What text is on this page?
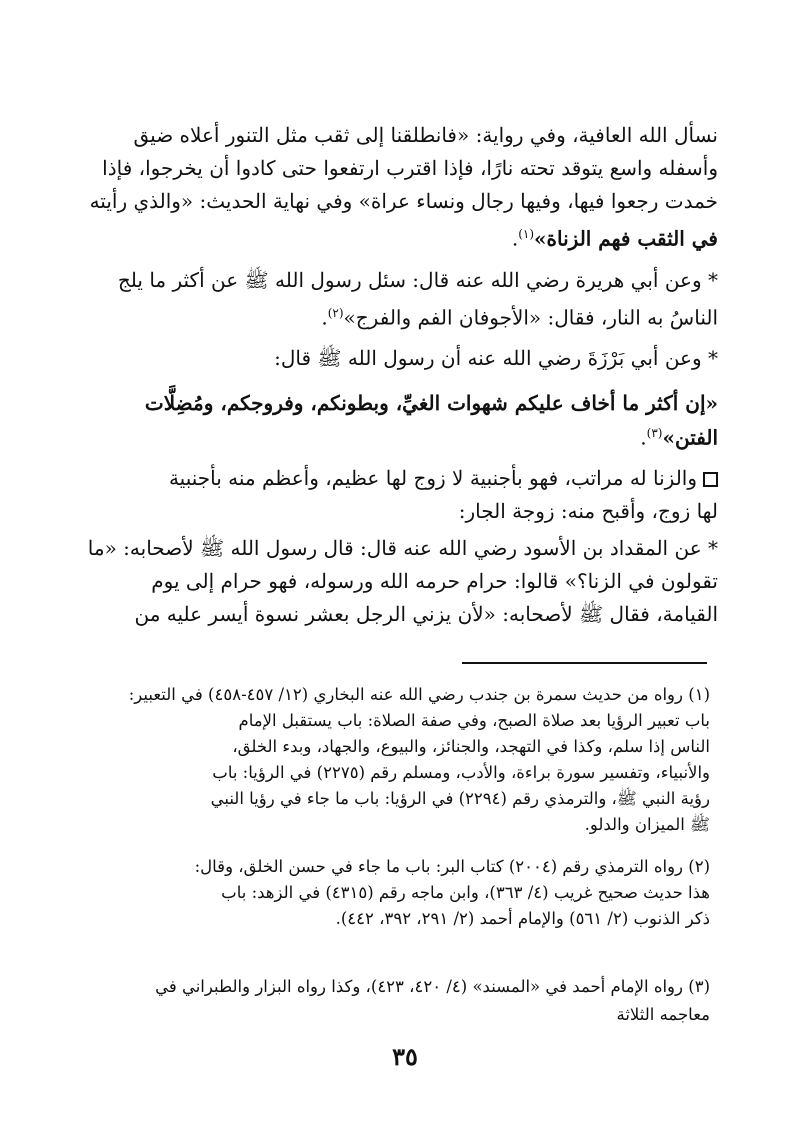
نسأل الله العافية، وفي رواية: «فانطلقنا إلى ثقب مثل التنور أعلاه ضيق
وأسفله واسع يتوقد تحته نارًا، فإذا اقترب ارتفعوا حتى كادوا أن يخرجوا، فإذا
خمدت رجعوا فيها، وفيها رجال ونساء عراة» وفي نهاية الحديث: «والذي رأيته
في الثقب فهم الزناة»$^{(١)}$.
* وعن أبي هريرة رضي الله عنه قال: سئل رسول الله ﷺ عن أكثر ما يلج
الناسُ به النار، فقال: «الأجوفان الفم والفرج»$^{(٢)}$.
* وعن أبي بَرْزَةَ رضي الله عنه أن رسول الله ﷺ قال:
«إن أكثر ما أخاف عليكم شهوات الغيِّ، وبطونكم، وفروجكم، ومُضِلَّات
الفتن»$^{(٣)}$.
والزنا له مراتب، فهو بأجنبية لا زوج لها عظيم، وأعظم منه بأجنبية
لها زوج، وأقبح منه: زوجة الجار:
* عن المقداد بن الأسود رضي الله عنه قال: قال رسول الله ﷺ لأصحابه: «ما
تقولون في الزنا؟» قالوا: حرام حرمه الله ورسوله، فهو حرام إلى يوم
القيامة، فقال ﷺ لأصحابه: «لأن يزني الرجل بعشر نسوة أيسر عليه من
(١) رواه من حديث سمرة بن جندب رضي الله عنه البخاري (١٢/ ٤٥٧-٤٥٨) في التعبير:
باب تعبير الرؤيا بعد صلاة الصبح، وفي صفة الصلاة: باب يستقبل الإمام
الناس إذا سلم، وكذا في التهجد، والجنائز، والبيوع، والجهاد، وبدء الخلق،
والأنبياء، وتفسير سورة براءة، والأدب، ومسلم رقم (٢٢٧٥) في الرؤيا: باب
رؤية النبي ﷺ، والترمذي رقم (٢٢٩٤) في الرؤيا: باب ما جاء في رؤيا النبي
ﷺ الميزان والدلو.
(٢) رواه الترمذي رقم (٢٠٠٤) كتاب البر: باب ما جاء في حسن الخلق، وقال:
هذا حديث صحيح غريب (٤/ ٣٦٣)، وابن ماجه رقم (٤٣١٥) في الزهد: باب
ذكر الذنوب (٢/ ٥٦١) والإمام أحمد (٢/ ٢٩١، ٣٩٢، ٤٤٢).
(٣) رواه الإمام أحمد في «المسند» (٤/ ٤٢٠، ٤٢٣)، وكذا رواه البزار والطبراني في
معاجمه الثلاثة
٣٥
